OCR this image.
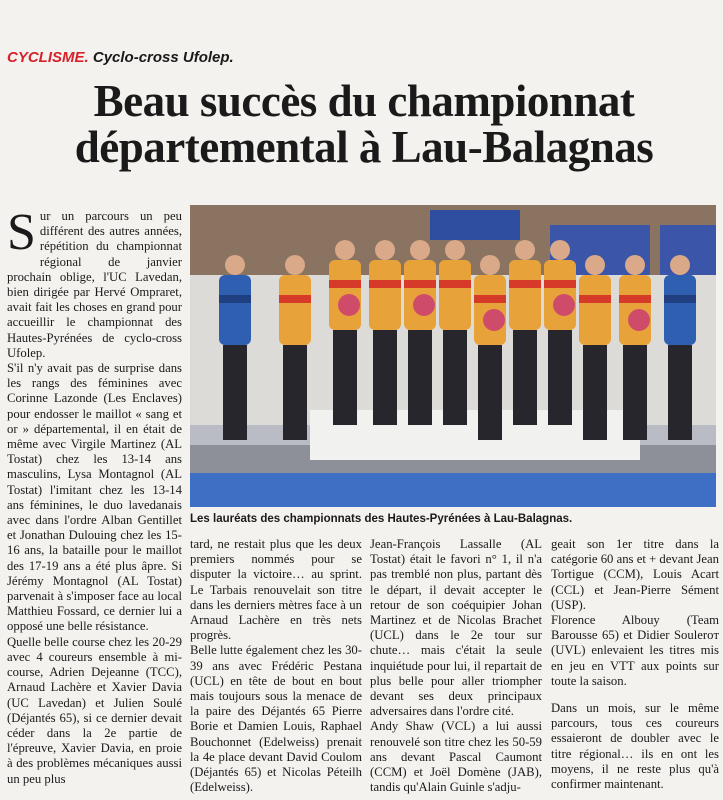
CYCLISME. Cyclo-cross Ufolep.
Beau succès du championnat
départemental à Lau-Balagnas

Sur un parcours un peu différent des autres années, répétition du championnat régional de janvier prochain oblige, l'UC Lavedan, bien dirigée par Hervé Ompraret, avait fait les choses en grand pour accueillir le championnat des Hautes-Pyrénées de cyclo-cross Ufolep.

S'il n'y avait pas de surprise dans les rangs des féminines avec Corinne Lazonde (Les Enclaves) pour endosser le maillot « sang et or » départemental, il en était de même avec Virgile Martinez (AL Tostat) chez les 13-14 ans masculins, Lysa Montagnol (AL Tostat) l'imitant chez les 13-14 ans féminines, le duo lavedanais avec dans l'ordre Alban Gentillet et Jonathan Dulouing chez les 15-16 ans, la bataille pour le maillot des 17-19 ans a été plus âpre. Si Jérémy Montagnol (AL Tostat) parvenait à s'imposer face au local Matthieu Fossard, ce dernier lui a opposé une belle résistance.

Quelle belle course chez les 20-29 avec 4 coureurs ensemble à mi-course, Adrien Dejeanne (TCC), Arnaud Lachère et Xavier Davia (UC Lavedan) et Julien Soulé (Déjantés 65), si ce dernier devait céder dans la 2e partie de l'épreuve, Xavier Davia, en proie à des problèmes mécaniques aussi un peu plus

Les lauréats des championnats des Hautes-Pyrénées à Lau-Balagnas.

tard, ne restait plus que les deux premiers nommés pour se disputer la victoire… au sprint. Le Tarbais renouvelait son titre dans les derniers mètres face à un Arnaud Lachère en très nets progrès.

Belle lutte également chez les 30-39 ans avec Frédéric Pestana (UCL) en tête de bout en bout mais toujours sous la menace de la paire des Déjantés 65 Pierre Borie et Damien Louis, Raphael Bouchonnet (Edelweiss) prenait la 4e place devant David Coulom (Déjantés 65) et Nicolas Péteilh (Edelweiss).

Jean-François Lassalle (AL Tostat) était le favori n° 1, il n'a pas tremblé non plus, partant dès le départ, il devait accepter le retour de son coéquipier Johan Martinez et de Nicolas Brachet (UCL) dans le 2e tour sur chute… mais c'était la seule inquiétude pour lui, il repartait de plus belle pour aller triompher devant ses deux principaux adversaires dans l'ordre cité.

Andy Shaw (VCL) a lui aussi renouvelé son titre chez les 50-59 ans devant Pascal Caumont (CCM) et Joël Domène (JAB), tandis qu'Alain Guinle s'adju-

geait son 1er titre dans la catégorie 60 ans et + devant Jean Tortigue (CCM), Louis Acart (CCL) et Jean-Pierre Sément (USP).

Florence Albouy (Team Barousse 65) et Didier Souleroт (UVL) enlevaient les titres mis en jeu en VTT aux points sur toute la saison.

Dans un mois, sur le même parcours, tous ces coureurs essaieront de doubler avec le titre régional… ils en ont les moyens, il ne reste plus qu'à confirmer maintenant.
